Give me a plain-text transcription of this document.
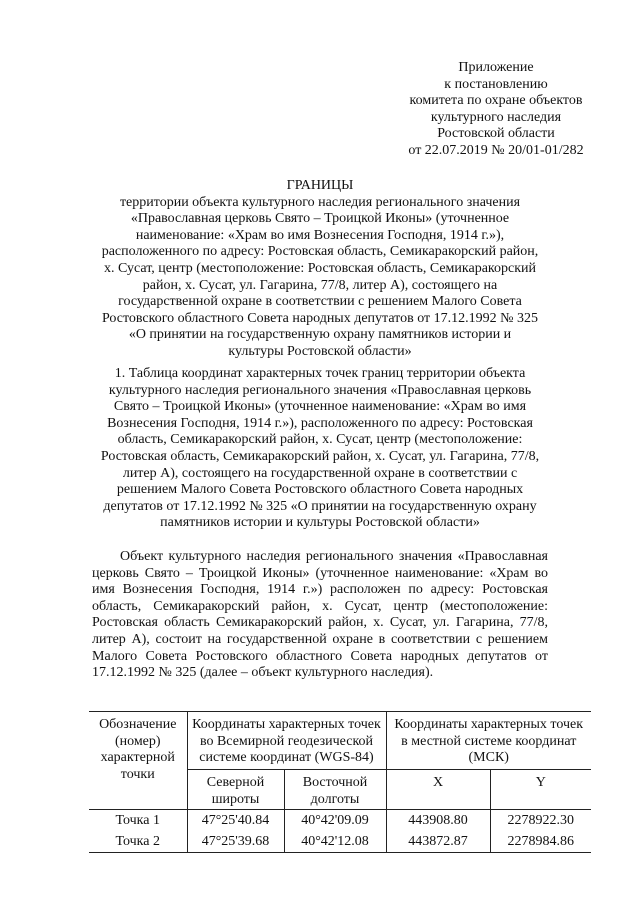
Приложение
к постановлению
комитета по охране объектов
культурного наследия
Ростовской области
от 22.07.2019 № 20/01-01/282
ГРАНИЦЫ
территории объекта культурного наследия регионального значения «Православная церковь Свято – Троицкой Иконы» (уточненное наименование: «Храм во имя Вознесения Господня, 1914 г.»), расположенного по адресу: Ростовская область, Семикаракорский район, х. Сусат, центр (местоположение: Ростовская область, Семикаракорский район, х. Сусат, ул. Гагарина, 77/8, литер А), состоящего на государственной охране в соответствии с решением Малого Совета Ростовского областного Совета народных депутатов от 17.12.1992 № 325 «О принятии на государственную охрану памятников истории и культуры Ростовской области»
1. Таблица координат характерных точек границ территории объекта культурного наследия регионального значения «Православная церковь Свято – Троицкой Иконы» (уточненное наименование: «Храм во имя Вознесения Господня, 1914 г.»), расположенного по адресу: Ростовская область, Семикаракорский район, х. Сусат, центр (местоположение: Ростовская область, Семикаракорский район, х. Сусат, ул. Гагарина, 77/8, литер А), состоящего на государственной охране в соответствии с решением Малого Совета Ростовского областного Совета народных депутатов от 17.12.1992 № 325 «О принятии на государственную охрану памятников истории и культуры Ростовской области»
Объект культурного наследия регионального значения «Православная церковь Свято – Троицкой Иконы» (уточненное наименование: «Храм во имя Вознесения Господня, 1914 г.») расположен по адресу: Ростовская область, Семикаракорский район, х. Сусат, центр (местоположение: Ростовская область Семикаракорский район, х. Сусат, ул. Гагарина, 77/8, литер А), состоит на государственной охране в соответствии с решением Малого Совета Ростовского областного Совета народных депутатов от 17.12.1992 № 325 (далее – объект культурного наследия).
Обозначение (номер) характерной точки	Координаты характерных точек во Всемирной геодезической системе координат (WGS-84)		Координаты характерных точек в местной системе координат (МСК)	
	Северной широты	Восточной долготы	X	Y
Точка 1	47°25'40.84	40°42'09.09	443908.80	2278922.30
Точка 2	47°25'39.68	40°42'12.08	443872.87	2278984.86
